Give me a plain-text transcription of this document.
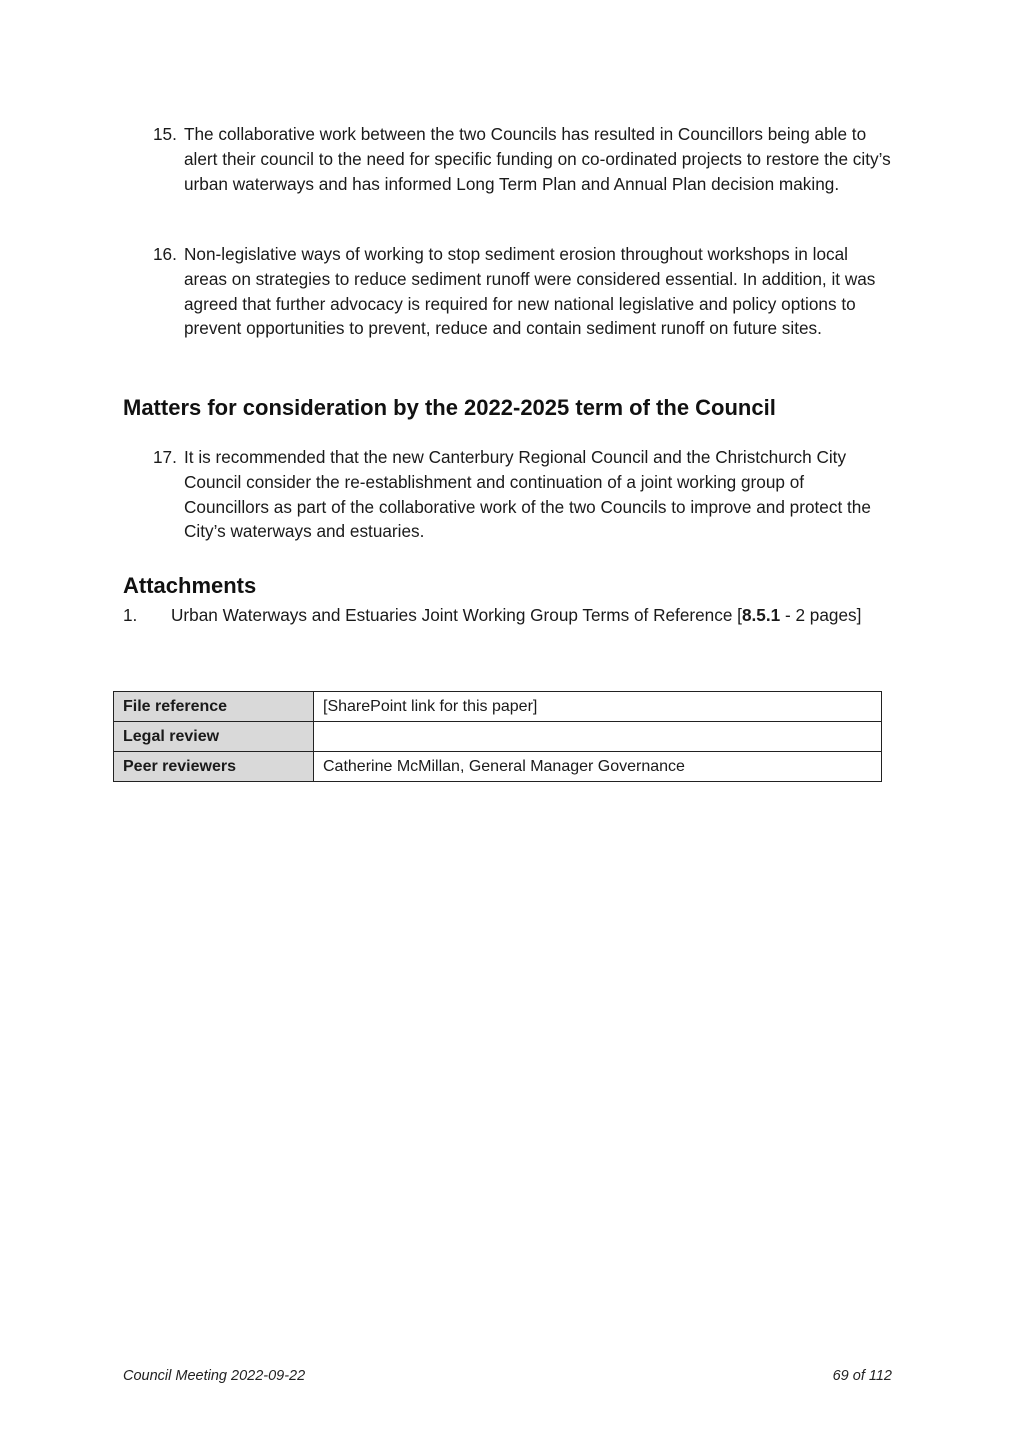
15. The collaborative work between the two Councils has resulted in Councillors being able to alert their council to the need for specific funding on co-ordinated projects to restore the city’s urban waterways and has informed Long Term Plan and Annual Plan decision making.
16. Non-legislative ways of working to stop sediment erosion throughout workshops in local areas on strategies to reduce sediment runoff were considered essential. In addition, it was agreed that further advocacy is required for new national legislative and policy options to prevent opportunities to prevent, reduce and contain sediment runoff on future sites.
Matters for consideration by the 2022-2025 term of the Council
17. It is recommended that the new Canterbury Regional Council and the Christchurch City Council consider the re-establishment and continuation of a joint working group of Councillors as part of the collaborative work of the two Councils to improve and protect the City’s waterways and estuaries.
Attachments
1. Urban Waterways and Estuaries Joint Working Group Terms of Reference [8.5.1 - 2 pages]
File reference	[SharePoint link for this paper]
Legal review	
Peer reviewers	Catherine McMillan, General Manager Governance
Council Meeting 2022-09-22	69 of 112
